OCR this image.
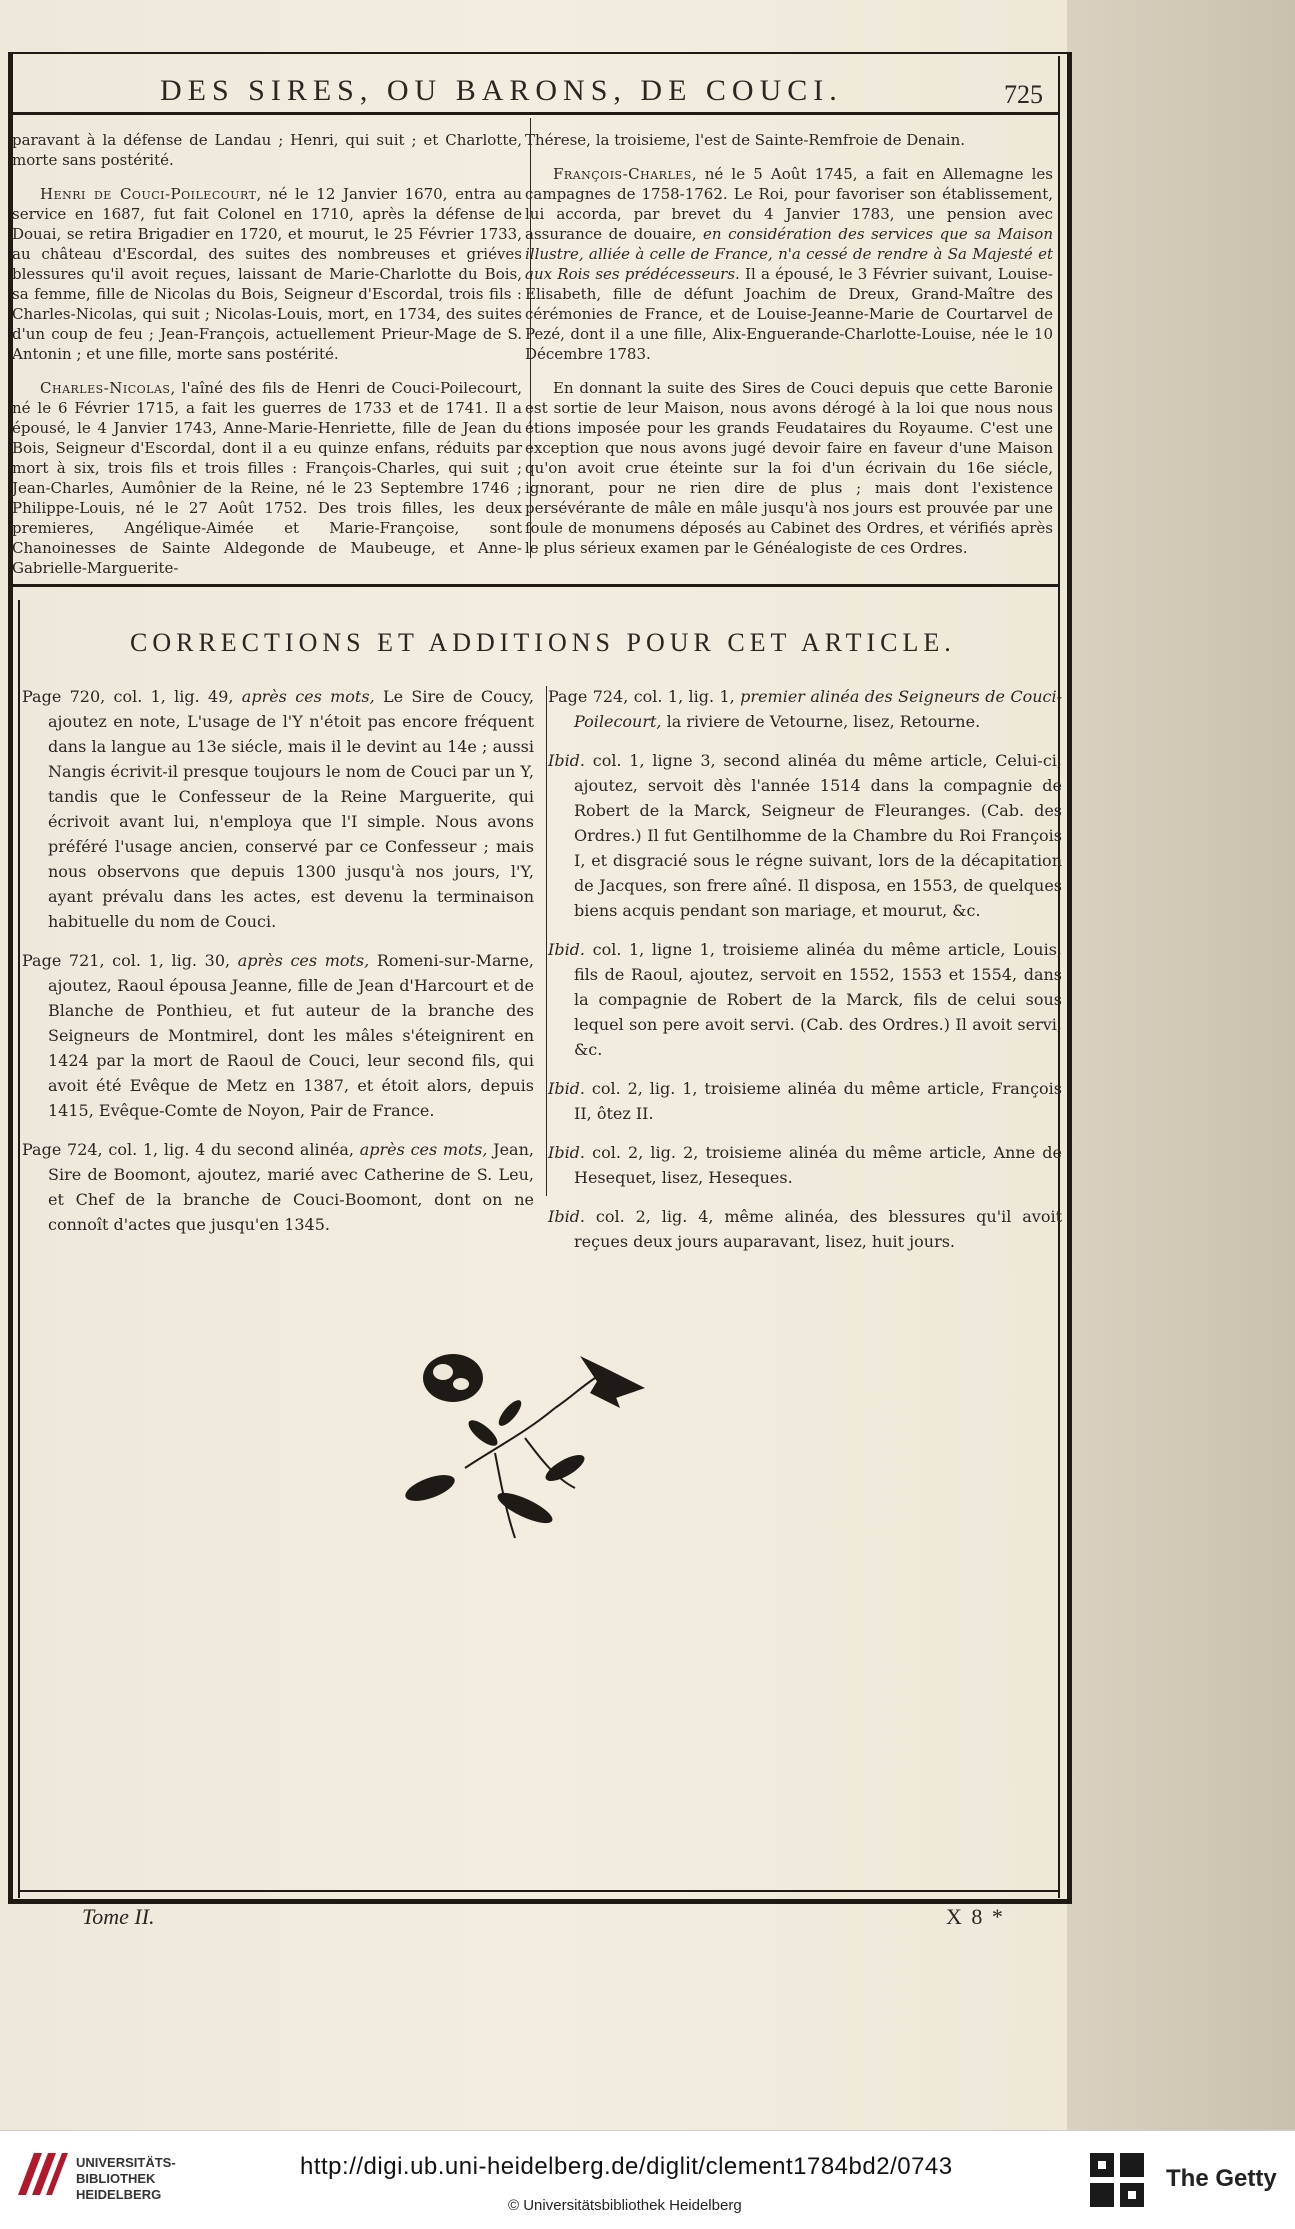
DES SIRES, OU BARONS, DE COUCI.	725

paravant à la défense de Landau ; Henri, qui suit ; et Charlotte, morte sans postérité.

Henri de Couci-Poilecourt, né le 12 Janvier 1670, entra au service en 1687, fut fait Colonel en 1710, après la défense de Douai, se retira Brigadier en 1720, et mourut, le 25 Février 1733, au château d'Escordal, des suites des nombreuses et griéves blessures qu'il avoit reçues, laissant de Marie-Charlotte du Bois, sa femme, fille de Nicolas du Bois, Seigneur d'Escordal, trois fils : Charles-Nicolas, qui suit ; Nicolas-Louis, mort, en 1734, des suites d'un coup de feu ; Jean-François, actuellement Prieur-Mage de S. Antonin ; et une fille, morte sans postérité.

Charles-Nicolas, l'aîné des fils de Henri de Couci-Poilecourt, né le 6 Février 1715, a fait les guerres de 1733 et de 1741. Il a épousé, le 4 Janvier 1743, Anne-Marie-Henriette, fille de Jean du Bois, Seigneur d'Escordal, dont il a eu quinze enfans, réduits par mort à six, trois fils et trois filles : François-Charles, qui suit ; Jean-Charles, Aumônier de la Reine, né le 23 Septembre 1746 ; Philippe-Louis, né le 27 Août 1752. Des trois filles, les deux premieres, Angélique-Aimée et Marie-Françoise, sont Chanoinesses de Sainte Aldegonde de Maubeuge, et Anne-Gabrielle-Marguerite-

Thérese, la troisieme, l'est de Sainte-Remfroie de Denain.

François-Charles, né le 5 Août 1745, a fait en Allemagne les campagnes de 1758-1762. Le Roi, pour favoriser son établissement, lui accorda, par brevet du 4 Janvier 1783, une pension avec assurance de douaire, en considération des services que sa Maison illustre, alliée à celle de France, n'a cessé de rendre à Sa Majesté et aux Rois ses prédécesseurs. Il a épousé, le 3 Février suivant, Louise-Elisabeth, fille de défunt Joachim de Dreux, Grand-Maître des cérémonies de France, et de Louise-Jeanne-Marie de Courtarvel de Pezé, dont il a une fille, Alix-Enguerande-Charlotte-Louise, née le 10 Décembre 1783.

En donnant la suite des Sires de Couci depuis que cette Baronie est sortie de leur Maison, nous avons dérogé à la loi que nous nous étions imposée pour les grands Feudataires du Royaume. C'est une exception que nous avons jugé devoir faire en faveur d'une Maison qu'on avoit crue éteinte sur la foi d'un écrivain du 16e siécle, ignorant, pour ne rien dire de plus ; mais dont l'existence persévérante de mâle en mâle jusqu'à nos jours est prouvée par une foule de monumens déposés au Cabinet des Ordres, et vérifiés après le plus sérieux examen par le Généalogiste de ces Ordres.

CORRECTIONS ET ADDITIONS POUR CET ARTICLE.

Page 720, col. 1, lig. 49, après ces mots, Le Sire de Coucy, ajoutez en note, L'usage de l'Y n'étoit pas encore fréquent dans la langue au 13e siécle, mais il le devint au 14e ; aussi Nangis écrivit-il presque toujours le nom de Couci par un Y, tandis que le Confesseur de la Reine Marguerite, qui écrivoit avant lui, n'employa que l'I simple. Nous avons préféré l'usage ancien, conservé par ce Confesseur ; mais nous observons que depuis 1300 jusqu'à nos jours, l'Y, ayant prévalu dans les actes, est devenu la terminaison habituelle du nom de Couci.

Page 721, col. 1, lig. 30, après ces mots, Romeni-sur-Marne, ajoutez, Raoul épousa Jeanne, fille de Jean d'Harcourt et de Blanche de Ponthieu, et fut auteur de la branche des Seigneurs de Montmirel, dont les mâles s'éteignirent en 1424 par la mort de Raoul de Couci, leur second fils, qui avoit été Evêque de Metz en 1387, et étoit alors, depuis 1415, Evêque-Comte de Noyon, Pair de France.

Page 724, col. 1, lig. 4 du second alinéa, après ces mots, Jean, Sire de Boomont, ajoutez, marié avec Catherine de S. Leu, et Chef de la branche de Couci-Boomont, dont on ne connoît d'actes que jusqu'en 1345.

Page 724, col. 1, lig. 1, premier alinéa des Seigneurs de Couci-Poilecourt, la riviere de Vetourne, lisez, Retourne.

Ibid. col. 1, ligne 3, second alinéa du même article, Celui-ci, ajoutez, servoit dès l'année 1514 dans la compagnie de Robert de la Marck, Seigneur de Fleuranges. (Cab. des Ordres.) Il fut Gentilhomme de la Chambre du Roi François I, et disgracié sous le régne suivant, lors de la décapitation de Jacques, son frere aîné. Il disposa, en 1553, de quelques biens acquis pendant son mariage, et mourut, &c.

Ibid. col. 1, ligne 1, troisieme alinéa du même article, Louis, fils de Raoul, ajoutez, servoit en 1552, 1553 et 1554, dans la compagnie de Robert de la Marck, fils de celui sous lequel son pere avoit servi. (Cab. des Ordres.) Il avoit servi, &c.

Ibid. col. 2, lig. 1, troisieme alinéa du même article, François II, ôtez II.

Ibid. col. 2, lig. 2, troisieme alinéa du même article, Anne de Hesequet, lisez, Heseques.

Ibid. col. 2, lig. 4, même alinéa, des blessures qu'il avoit reçues deux jours auparavant, lisez, huit jours.

Tome II.	X 8 *
UNIVERSITÄTS-
BIBLIOTHEK
HEIDELBERG
http://digi.ub.uni-heidelberg.de/diglit/clement1784bd2/0743
© Universitätsbibliothek Heidelberg
The Getty
